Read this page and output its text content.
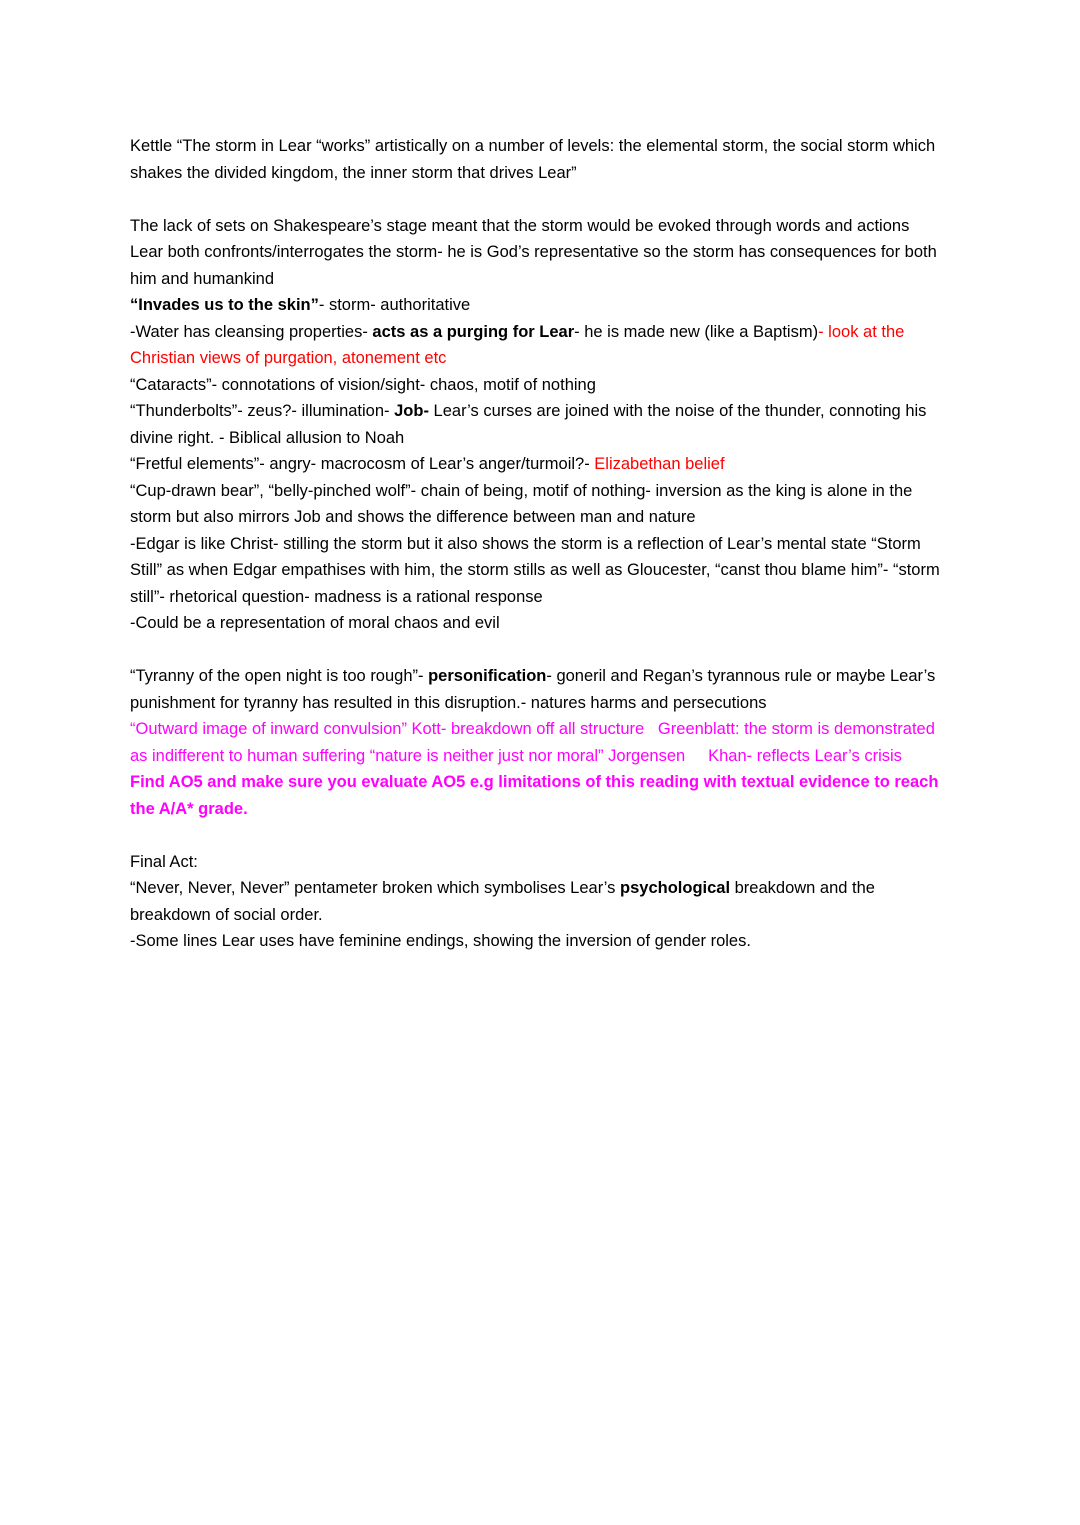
Kettle “The storm in Lear “works” artistically on a number of levels: the elemental storm, the social storm which shakes the divided kingdom, the inner storm that drives Lear”

The lack of sets on Shakespeare’s stage meant that the storm would be evoked through words and actions

Lear both confronts/interrogates the storm- he is God’s representative so the storm has consequences for both him and humankind

“Invades us to the skin”- storm- authoritative

-Water has cleansing properties- acts as a purging for Lear- he is made new (like a Baptism)- look at the Christian views of purgation, atonement etc

“Cataracts”- connotations of vision/sight- chaos, motif of nothing

“Thunderbolts”- zeus?- illumination- Job- Lear’s curses are joined with the noise of the thunder, connoting his divine right. - Biblical allusion to Noah

“Fretful elements”- angry- macrocosm of Lear’s anger/turmoil?- Elizabethan belief

“Cup-drawn bear”, “belly-pinched wolf”- chain of being, motif of nothing- inversion as the king is alone in the storm but also mirrors Job and shows the difference between man and nature

-Edgar is like Christ- stilling the storm but it also shows the storm is a reflection of Lear’s mental state “Storm Still” as when Edgar empathises with him, the storm stills as well as Gloucester, “canst thou blame him”- “storm still”- rhetorical question- madness is a rational response

-Could be a representation of moral chaos and evil

“Tyranny of the open night is too rough”- personification- goneril and Regan’s tyrannous rule or maybe Lear’s punishment for tyranny has resulted in this disruption.- natures harms and persecutions

“Outward image of inward convulsion” Kott- breakdown off all structure   Greenblatt: the storm is demonstrated as indifferent to human suffering “nature is neither just nor moral” Jorgensen     Khan- reflects Lear’s crisis

Find AO5 and make sure you evaluate AO5 e.g limitations of this reading with textual evidence to reach the A/A* grade.

Final Act:

“Never, Never, Never” pentameter broken which symbolises Lear’s psychological breakdown and the breakdown of social order.

-Some lines Lear uses have feminine endings, showing the inversion of gender roles.
